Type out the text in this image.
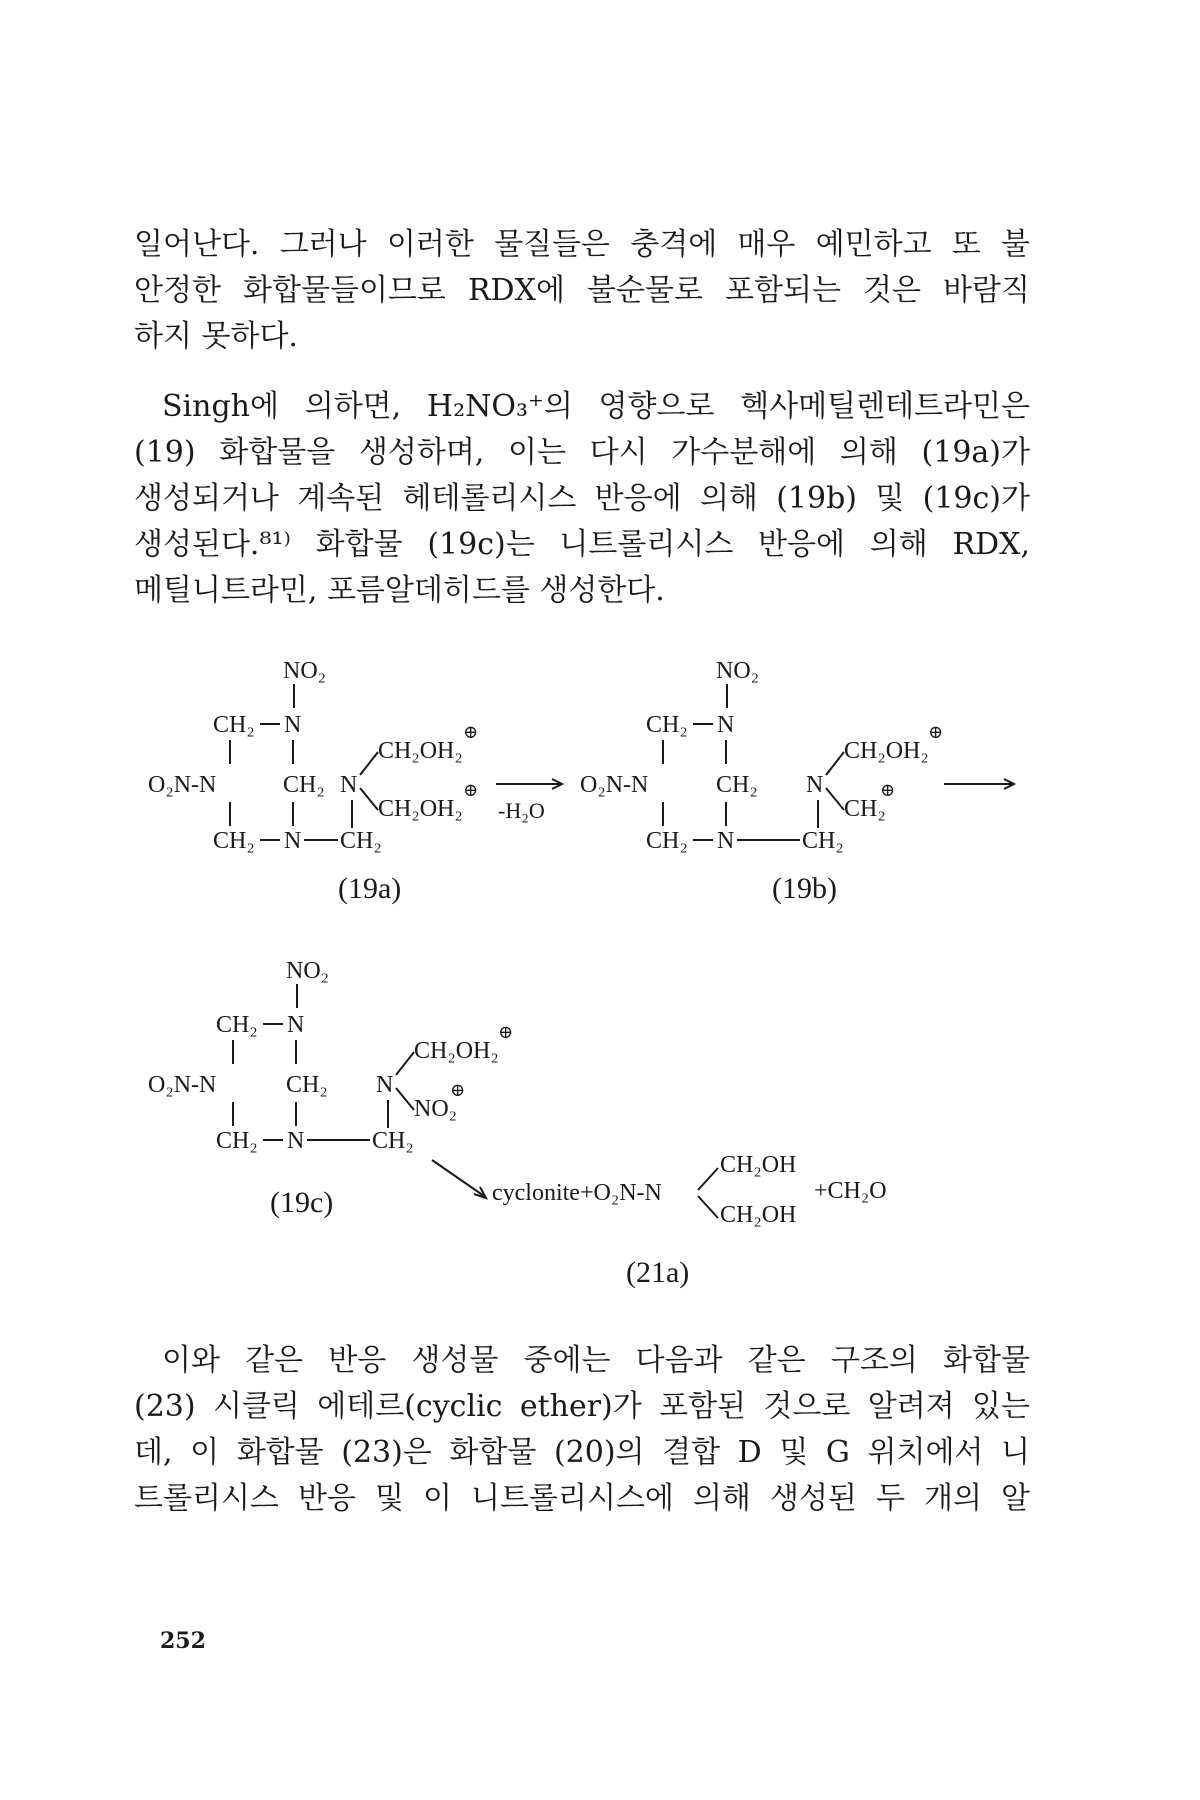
일어난다. 그러나 이러한 물질들은 충격에 매우 예민하고 또 불
안정한 화합물들이므로 RDX에 불순물로 포함되는 것은 바람직
하지 못하다.
Singh에 의하면, H₂NO₃⁺의 영향으로 헥사메틸렌테트라민은
(19) 화합물을 생성하며, 이는 다시 가수분해에 의해 (19a)가
생성되거나 계속된 헤테롤리시스 반응에 의해 (19b) 및 (19c)가
생성된다.⁸¹⁾ 화합물 (19c)는 니트롤리시스 반응에 의해 RDX,
메틸니트라민, 포름알데히드를 생성한다.
NO₂
CH₂ N
O₂N-N	CH₂
CH₂ N CH₂
N
CH₂OH₂
⊕
CH₂OH₂
⊕
(19a)
-H₂O
NO₂
CH₂ N
O₂N-N	CH₂
CH₂ N	CH₂
N
CH₂OH₂
⊕
CH₂
⊕
(19b)
NO₂
CH₂ N
O₂N-N	CH₂
CH₂ N	CH₂
N
CH₂OH₂
⊕
NO₂
⊕
(19c)	cyclonite+O₂N-N
CH₂OH
CH₂OH
+CH₂O
(21a)
이와 같은 반응 생성물 중에는 다음과 같은 구조의 화합물
(23) 시클릭 에테르(cyclic ether)가 포함된 것으로 알려져 있는
데, 이 화합물 (23)은 화합물 (20)의 결합 D 및 G 위치에서 니
트롤리시스 반응 및 이 니트롤리시스에 의해 생성된 두 개의 알
252
